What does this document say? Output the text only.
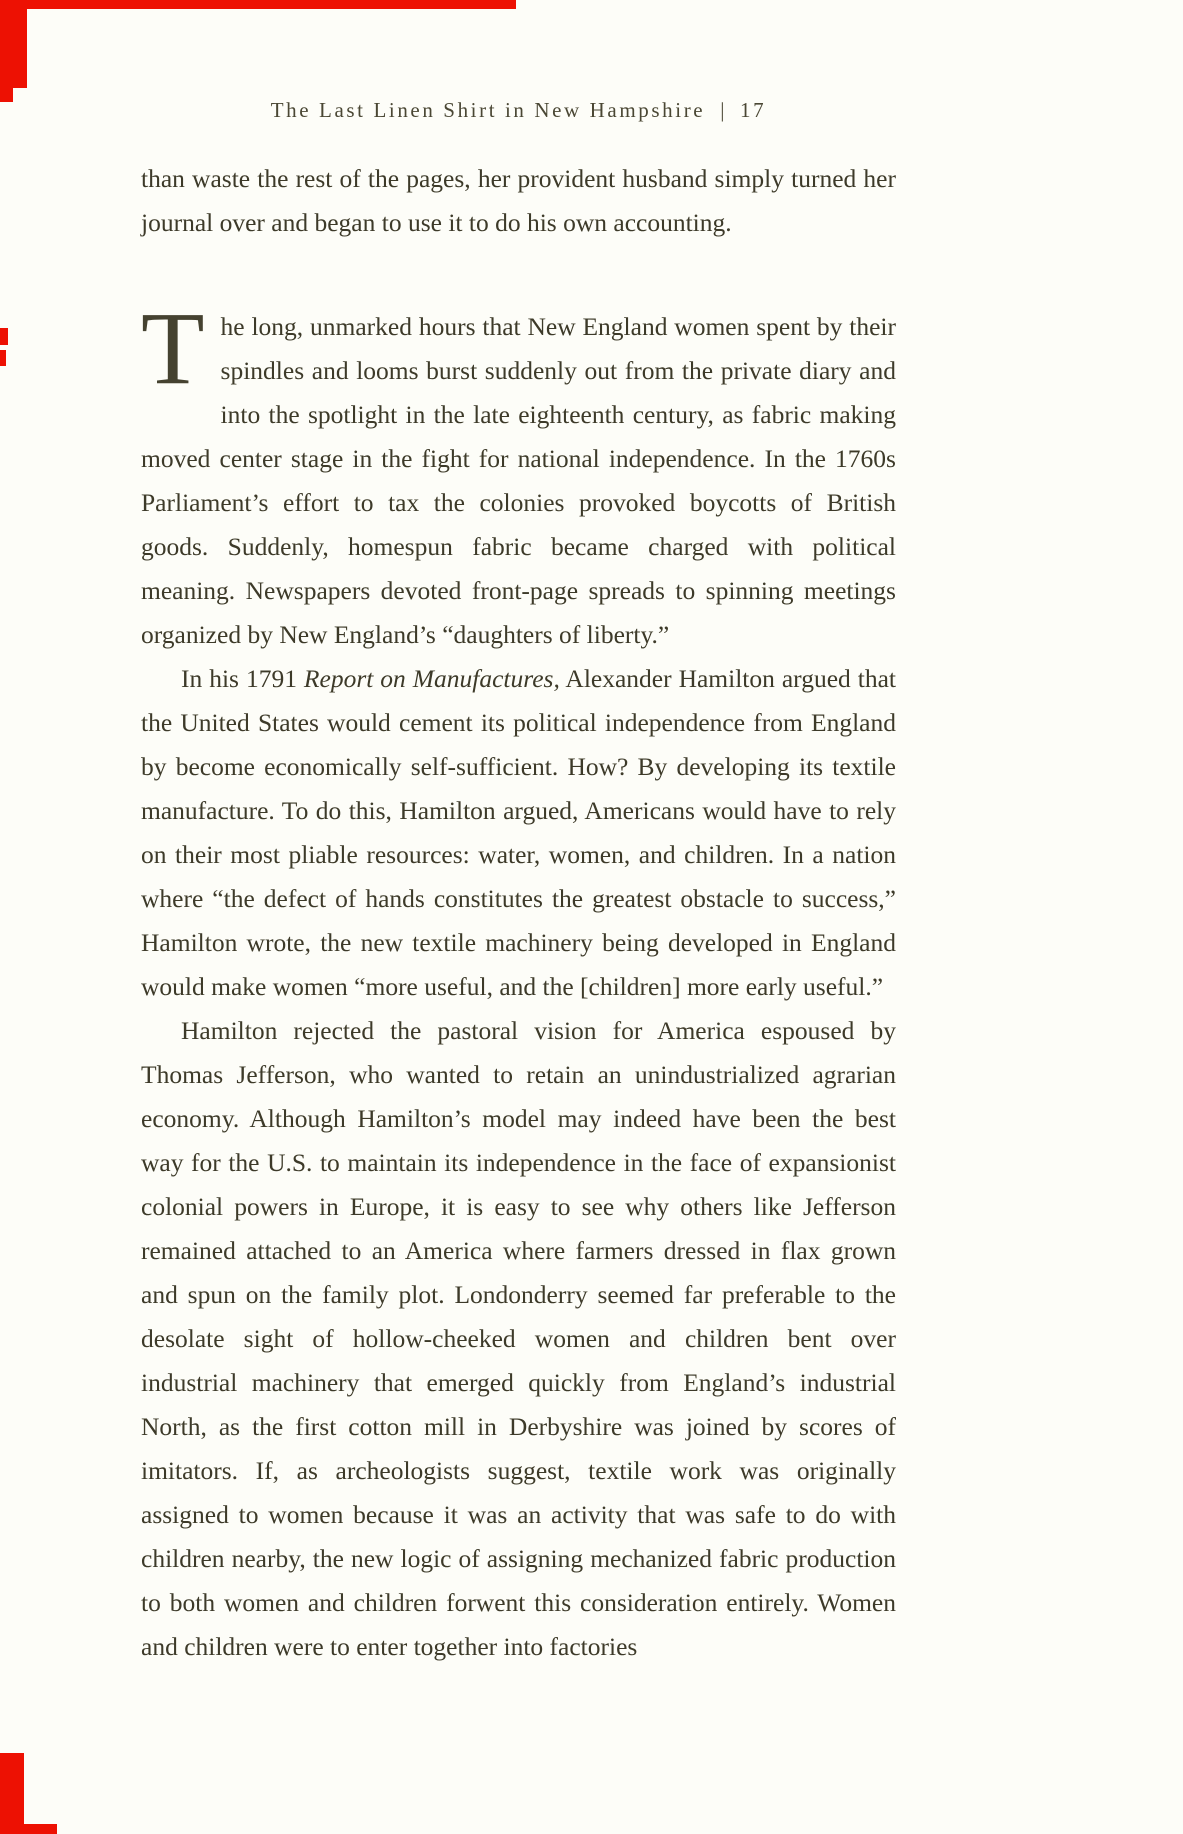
The Last Linen Shirt in New Hampshire | 17

than waste the rest of the pages, her provident husband simply turned her journal over and began to use it to do his own accounting.

The long, unmarked hours that New England women spent by their spindles and looms burst suddenly out from the private diary and into the spotlight in the late eighteenth century, as fabric making moved center stage in the fight for national independence. In the 1760s Parliament’s effort to tax the colonies provoked boycotts of British goods. Suddenly, homespun fabric became charged with political meaning. Newspapers devoted front-page spreads to spinning meetings organized by New England’s “daughters of liberty.”

In his 1791 Report on Manufactures, Alexander Hamilton argued that the United States would cement its political independence from England by become economically self-sufficient. How? By developing its textile manufacture. To do this, Hamilton argued, Americans would have to rely on their most pliable resources: water, women, and children. In a nation where “the defect of hands constitutes the greatest obstacle to success,” Hamilton wrote, the new textile machinery being developed in England would make women “more useful, and the [children] more early useful.”

Hamilton rejected the pastoral vision for America espoused by Thomas Jefferson, who wanted to retain an unindustrialized agrarian economy. Although Hamilton’s model may indeed have been the best way for the U.S. to maintain its independence in the face of expansionist colonial powers in Europe, it is easy to see why others like Jefferson remained attached to an America where farmers dressed in flax grown and spun on the family plot. Londonderry seemed far preferable to the desolate sight of hollow-cheeked women and children bent over industrial machinery that emerged quickly from England’s industrial North, as the first cotton mill in Derbyshire was joined by scores of imitators. If, as archeologists suggest, textile work was originally assigned to women because it was an activity that was safe to do with children nearby, the new logic of assigning mechanized fabric production to both women and children forwent this consideration entirely. Women and children were to enter together into factories
